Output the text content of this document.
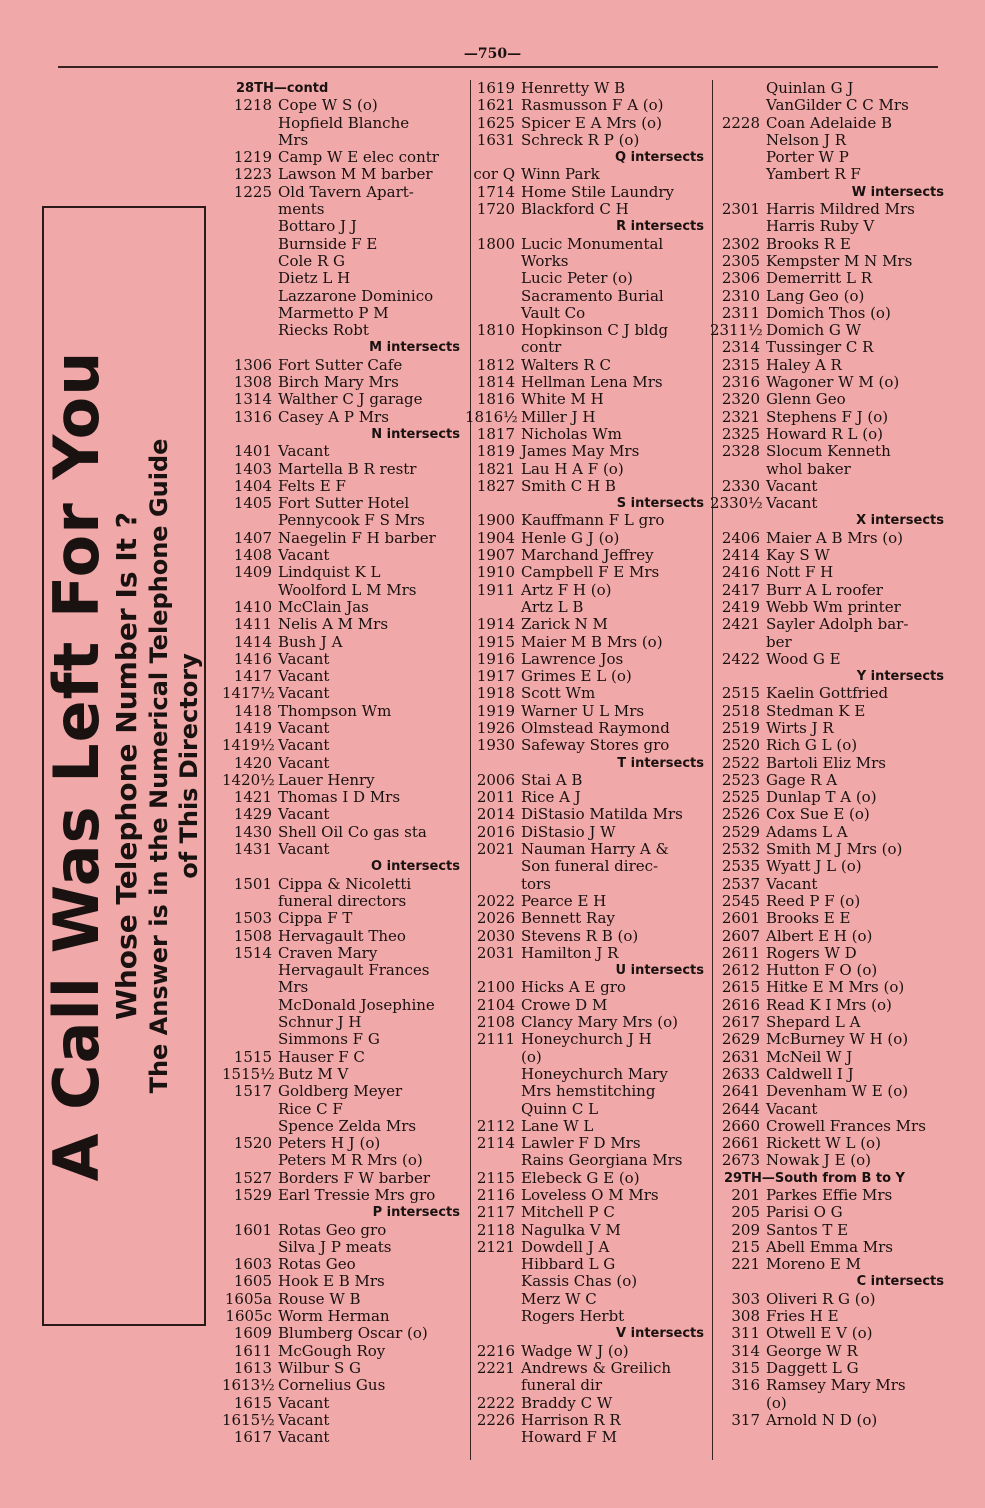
—750—
A Call Was Left For You
Whose Telephone Number Is It ? The Answer is in the Numerical Telephone Guide of This Directory
28TH—contd
1218 Cope W S (o)
Hopfield Blanche
Mrs
1219 Camp W E elec contr
1223 Lawson M M barber
1225 Old Tavern Apart-
ments
Bottaro J J
Burnside F E
Cole R G
Dietz L H
Lazzarone Dominico
Marmetto P M
Riecks Robt
M intersects
1306 Fort Sutter Cafe
1308 Birch Mary Mrs
1314 Walther C J garage
1316 Casey A P Mrs
N intersects
1401 Vacant
1403 Martella B R restr
1404 Felts E F
1405 Fort Sutter Hotel
Pennycook F S Mrs
1407 Naegelin F H barber
1408 Vacant
1409 Lindquist K L
Woolford L M Mrs
1410 McClain Jas
1411 Nelis A M Mrs
1414 Bush J A
1416 Vacant
1417 Vacant
1417½ Vacant
1418 Thompson Wm
1419 Vacant
1419½ Vacant
1420 Vacant
1420½ Lauer Henry
1421 Thomas I D Mrs
1429 Vacant
1430 Shell Oil Co gas sta
1431 Vacant
O intersects
1501 Cippa & Nicoletti
funeral directors
1503 Cippa F T
1508 Hervagault Theo
1514 Craven Mary
Hervagault Frances
Mrs
McDonald Josephine
Schnur J H
Simmons F G
1515 Hauser F C
1515½ Butz M V
1517 Goldberg Meyer
Rice C F
Spence Zelda Mrs
1520 Peters H J (o)
Peters M R Mrs (o)
1527 Borders F W barber
1529 Earl Tressie Mrs gro
P intersects
1601 Rotas Geo gro
Silva J P meats
1603 Rotas Geo
1605 Hook E B Mrs
1605a Rouse W B
1605c Worm Herman
1609 Blumberg Oscar (o)
1611 McGough Roy
1613 Wilbur S G
1613½ Cornelius Gus
1615 Vacant
1615½ Vacant
1617 Vacant
1619 Henretty W B
1621 Rasmusson F A (o)
1625 Spicer E A Mrs (o)
1631 Schreck R P (o)
Q intersects
cor Q Winn Park
1714 Home Stile Laundry
1720 Blackford C H
R intersects
1800 Lucic Monumental
Works
Lucic Peter (o)
Sacramento Burial
Vault Co
1810 Hopkinson C J bldg
contr
1812 Walters R C
1814 Hellman Lena Mrs
1816 White M H
1816½ Miller J H
1817 Nicholas Wm
1819 James May Mrs
1821 Lau H A F (o)
1827 Smith C H B
S intersects
1900 Kauffmann F L gro
1904 Henle G J (o)
1907 Marchand Jeffrey
1910 Campbell F E Mrs
1911 Artz F H (o)
Artz L B
1914 Zarick N M
1915 Maier M B Mrs (o)
1916 Lawrence Jos
1917 Grimes E L (o)
1918 Scott Wm
1919 Warner U L Mrs
1926 Olmstead Raymond
1930 Safeway Stores gro
T intersects
2006 Stai A B
2011 Rice A J
2014 DiStasio Matilda Mrs
2016 DiStasio J W
2021 Nauman Harry A &
Son funeral direc-
tors
2022 Pearce E H
2026 Bennett Ray
2030 Stevens R B (o)
2031 Hamilton J R
U intersects
2100 Hicks A E gro
2104 Crowe D M
2108 Clancy Mary Mrs (o)
2111 Honeychurch J H
(o)
Honeychurch Mary
Mrs hemstitching
Quinn C L
2112 Lane W L
2114 Lawler F D Mrs
Rains Georgiana Mrs
2115 Elebeck G E (o)
2116 Loveless O M Mrs
2117 Mitchell P C
2118 Nagulka V M
2121 Dowdell J A
Hibbard L G
Kassis Chas (o)
Merz W C
Rogers Herbt
V intersects
2216 Wadge W J (o)
2221 Andrews & Greilich
funeral dir
2222 Braddy C W
2226 Harrison R R
Howard F M
Quinlan G J
VanGilder C C Mrs
2228 Coan Adelaide B
Nelson J R
Porter W P
Yambert R F
W intersects
2301 Harris Mildred Mrs
Harris Ruby V
2302 Brooks R E
2305 Kempster M N Mrs
2306 Demerritt L R
2310 Lang Geo (o)
2311 Domich Thos (o)
2311½ Domich G W
2314 Tussinger C R
2315 Haley A R
2316 Wagoner W M (o)
2320 Glenn Geo
2321 Stephens F J (o)
2325 Howard R L (o)
2328 Slocum Kenneth
whol baker
2330 Vacant
2330½ Vacant
X intersects
2406 Maier A B Mrs (o)
2414 Kay S W
2416 Nott F H
2417 Burr A L roofer
2419 Webb Wm printer
2421 Sayler Adolph bar-
ber
2422 Wood G E
Y intersects
2515 Kaelin Gottfried
2518 Stedman K E
2519 Wirts J R
2520 Rich G L (o)
2522 Bartoli Eliz Mrs
2523 Gage R A
2525 Dunlap T A (o)
2526 Cox Sue E (o)
2529 Adams L A
2532 Smith M J Mrs (o)
2535 Wyatt J L (o)
2537 Vacant
2545 Reed P F (o)
2601 Brooks E E
2607 Albert E H (o)
2611 Rogers W D
2612 Hutton F O (o)
2615 Hitke E M Mrs (o)
2616 Read K I Mrs (o)
2617 Shepard L A
2629 McBurney W H (o)
2631 McNeil W J
2633 Caldwell I J
2641 Devenham W E (o)
2644 Vacant
2660 Crowell Frances Mrs
2661 Rickett W L (o)
2673 Nowak J E (o)
29TH—South from B to Y
201 Parkes Effie Mrs
205 Parisi O G
209 Santos T E
215 Abell Emma Mrs
221 Moreno E M
C intersects
303 Oliveri R G (o)
308 Fries H E
311 Otwell E V (o)
314 George W R
315 Daggett L G
316 Ramsey Mary Mrs
(o)
317 Arnold N D (o)
